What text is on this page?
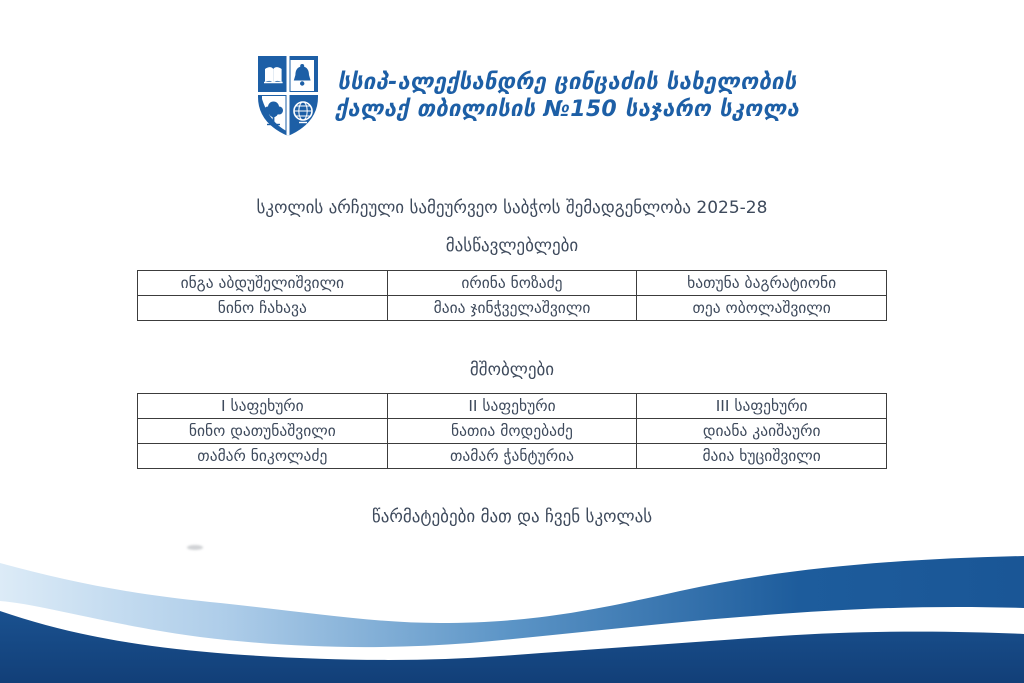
სსიპ-ალექსანდრე ცინცაძის სახელობის
ქალაქ თბილისის №150 საჯარო სკოლა
სკოლის არჩეული სამეურვეო საბჭოს შემადგენლობა 2025-28
მასწავლებლები
ინგა აბდუშელიშვილი	ირინა ნოზაძე	ხათუნა ბაგრატიონი
ნინო ჩახავა	მაია ჯინჭველაშვილი	თეა ობოლაშვილი
მშობლები
I საფეხური	II საფეხური	III საფეხური
ნინო დათუნაშვილი	ნათია მოდებაძე	დიანა კაიშაური
თამარ ნიკოლაძე	თამარ ჭანტურია	მაია ხუციშვილი
წარმატებები მათ და ჩვენ სკოლას
